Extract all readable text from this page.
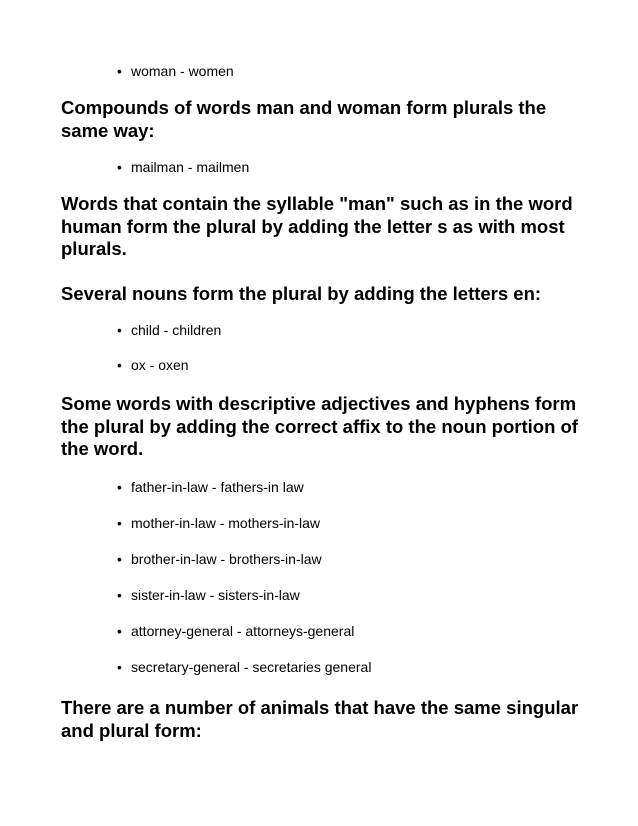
• woman - women
Compounds of words man and woman form plurals the same way:
• mailman - mailmen
Words that contain the syllable "man" such as in the word human form the plural by adding the letter s as with most plurals.
Several nouns form the plural by adding the letters en:
• child - children
• ox - oxen
Some words with descriptive adjectives and hyphens form the plural by adding the correct affix to the noun portion of the word.
• father-in-law - fathers-in law
• mother-in-law - mothers-in-law
• brother-in-law - brothers-in-law
• sister-in-law - sisters-in-law
• attorney-general - attorneys-general
• secretary-general - secretaries general
There are a number of animals that have the same singular and plural form:
